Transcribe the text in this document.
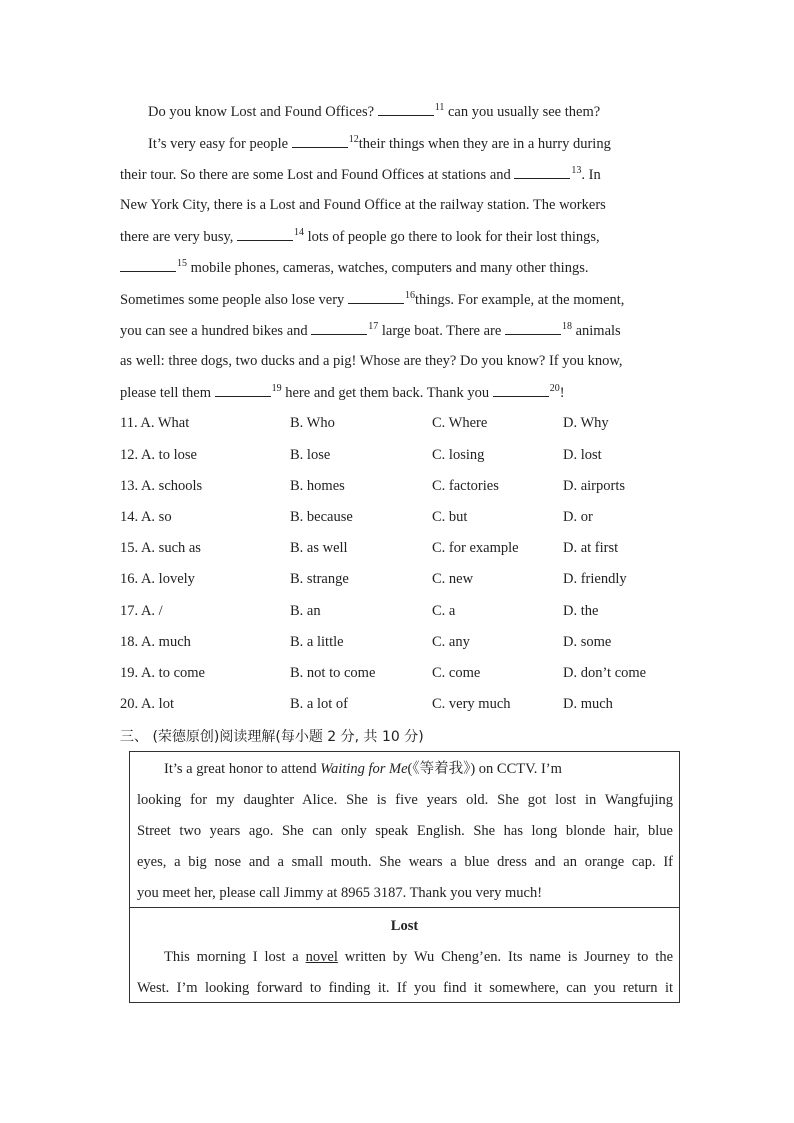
Do you know Lost and Found Offices?	$^{11}$ can you usually see them?
It’s very easy for people	$^{12}$their things when they are in a hurry during
their tour. So there are some Lost and Found Offices at stations and	$^{13}$. In
New York City, there is a Lost and Found Office at the railway station. The workers
there are very busy,	$^{14}$ lots of people go there to look for their lost things,
$^{15}$ mobile phones, cameras, watches, computers and many other things.
Sometimes some people also lose very	$^{16}$things. For example, at the moment,
you can see a hundred bikes and	$^{17}$ large boat. There are	$^{18}$ animals
as well: three dogs, two ducks and a pig! Whose are they? Do you know? If you know,
please tell them	$^{19}$ here and get them back. Thank you	$^{20}$!
11. A. What	B. Who	C. Where	D. Why
12. A. to lose	B. lose	C. losing	D. lost
13. A. schools	B. homes	C. factories	D. airports
14. A. so	B. because	C. but	D. or
15. A. such as	B. as well	C. for example	D. at first
16. A. lovely	B. strange	C. new	D. friendly
17. A. /	B. an	C. a	D. the
18. A. much	B. a little	C. any	D. some
19. A. to come	B. not to come	C. come	D. don’t come
20. A. lot	B. a lot of	C. very much	D. much
三、 (荣德原创)阅读理解(每小题 2 分, 共 10 分)
It’s a great honor to attend Waiting for Me(《等着我》) on CCTV. I’m
looking for my daughter Alice. She is five years old. She got lost in Wangfujing
Street two years ago. She can only speak English. She has long blonde hair, blue
eyes, a big nose and a small mouth. She wears a blue dress and an orange cap. If
you meet her, please call Jimmy at 8965 3187. Thank you very much!
Lost
This morning I lost a novel written by Wu Cheng’en. Its name is Journey to the
West. I’m looking forward to finding it. If you find it somewhere, can you return it
